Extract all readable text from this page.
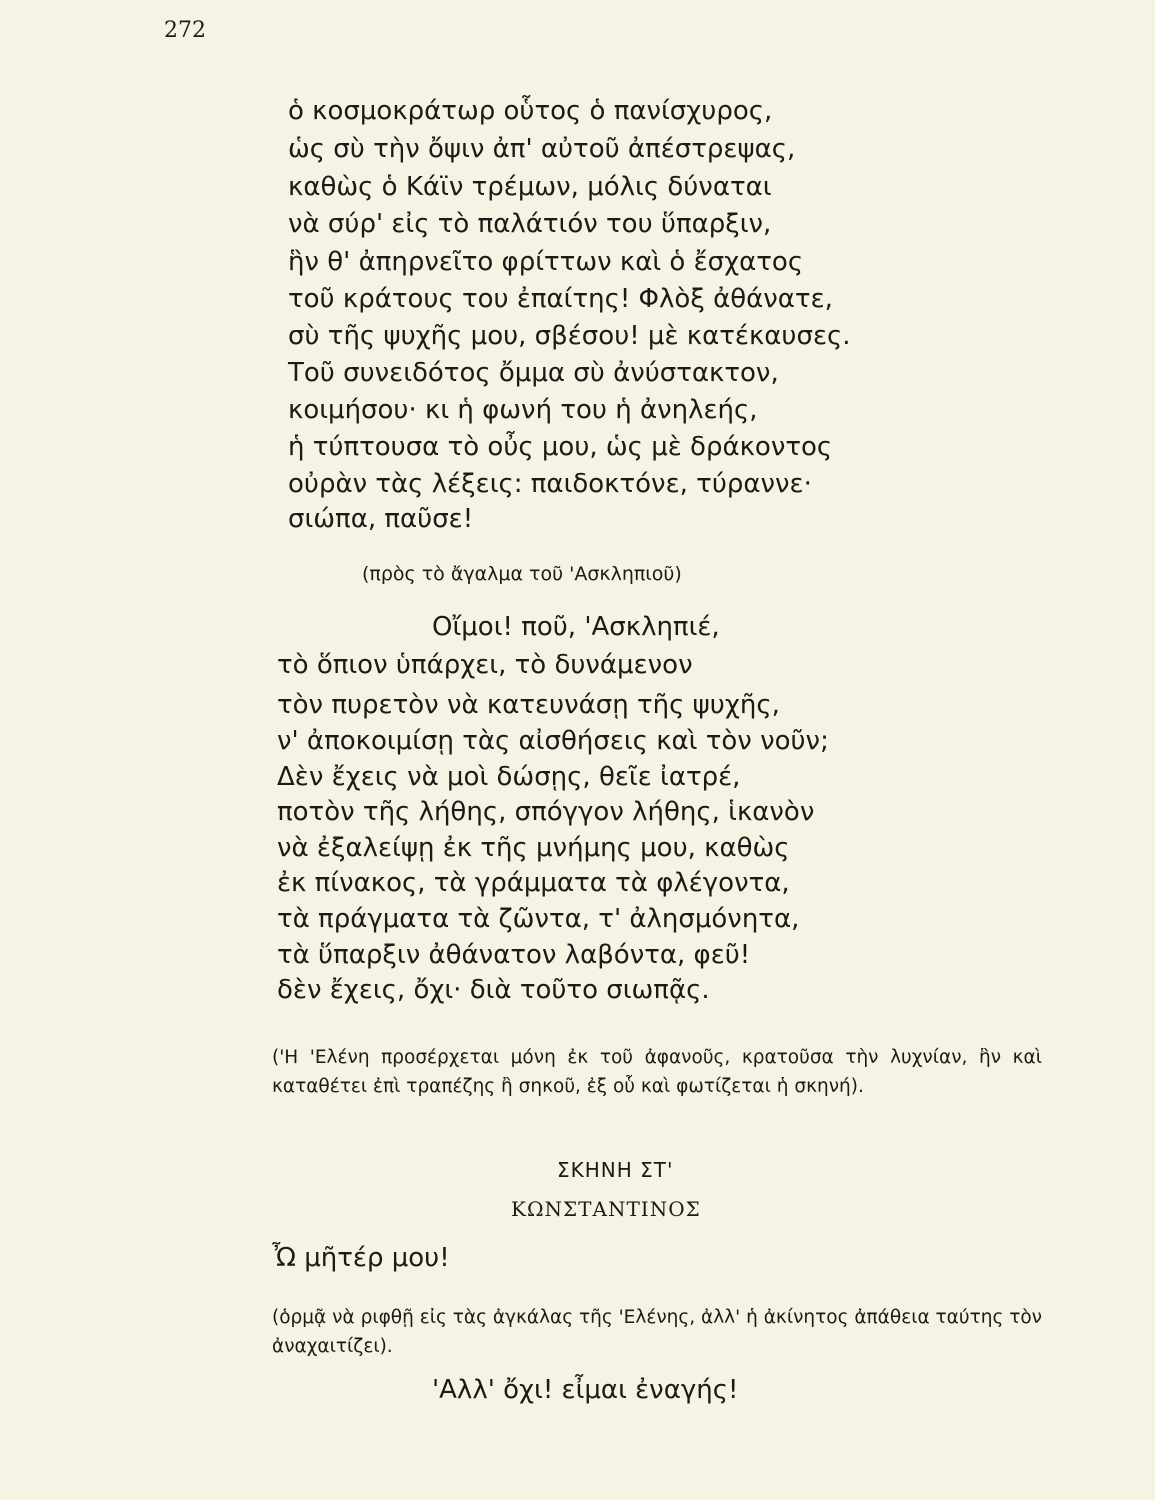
272
ὁ κοσμοκράτωρ οὗτος ὁ πανίσχυρος,
ὡς σὺ τὴν ὄψιν ἀπ' αὐτοῦ ἀπέστρεψας,
καθὼς ὁ Κάϊν τρέμων, μόλις δύναται
νὰ σύρ' εἰς τὸ παλάτιόν του ὕπαρξιν,
ἣν θ' ἀπηρνεῖτο φρίττων καὶ ὁ ἔσχατος
τοῦ κράτους του ἐπαίτης! Φλὸξ ἀθάνατε,
σὺ τῆς ψυχῆς μου, σβέσου! μὲ κατέκαυσες.
Τοῦ συνειδότος ὄμμα σὺ ἀνύστακτον,
κοιμήσου· κι ἡ φωνή του ἡ ἀνηλεής,
ἡ τύπτουσα τὸ οὖς μου, ὡς μὲ δράκοντος
οὐρὰν τὰς λέξεις: παιδοκτόνε, τύραννε·
σιώπα, παῦσε!
(πρὸς τὸ ἄγαλμα τοῦ 'Ασκληπιοῦ)
Οἴμοι! ποῦ, 'Ασκληπιέ,
τὸ ὅπιον ὑπάρχει, τὸ δυνάμενον
τὸν πυρετὸν νὰ κατευνάσῃ τῆς ψυχῆς,
ν' ἀποκοιμίσῃ τὰς αἰσθήσεις καὶ τὸν νοῦν;
Δὲν ἔχεις νὰ μοὶ δώσῃς, θεῖε ἰατρέ,
ποτὸν τῆς λήθης, σπόγγον λήθης, ἱκανὸν
νὰ ἐξαλείψῃ ἐκ τῆς μνήμης μου, καθὼς
ἐκ πίνακος, τὰ γράμματα τὰ φλέγοντα,
τὰ πράγματα τὰ ζῶντα, τ' ἀλησμόνητα,
τὰ ὕπαρξιν ἀθάνατον λαβόντα, φεῦ!
δὲν ἔχεις, ὄχι· διὰ τοῦτο σιωπᾷς.

('Η 'Ελένη προσέρχεται μόνη ἐκ τοῦ ἀφανοῦς, κρατοῦσα τὴν λυχνίαν, ἣν καὶ καταθέτει ἐπὶ τραπέζης ἢ σηκοῦ, ἐξ οὗ καὶ φωτίζεται ἡ σκηνή).

ΣΚΗΝΗ ΣΤ'
ΚΩΝΣΤΑΝΤΙΝΟΣ
Ὦ μῆτέρ μου!

(ὁρμᾷ νὰ ριφθῇ εἰς τὰς ἀγκάλας τῆς 'Ελένης, ἀλλ' ἡ ἀκίνητος ἀπάθεια ταύτης τὸν ἀναχαιτίζει).

'Αλλ' ὄχι! εἶμαι ἐναγής!
